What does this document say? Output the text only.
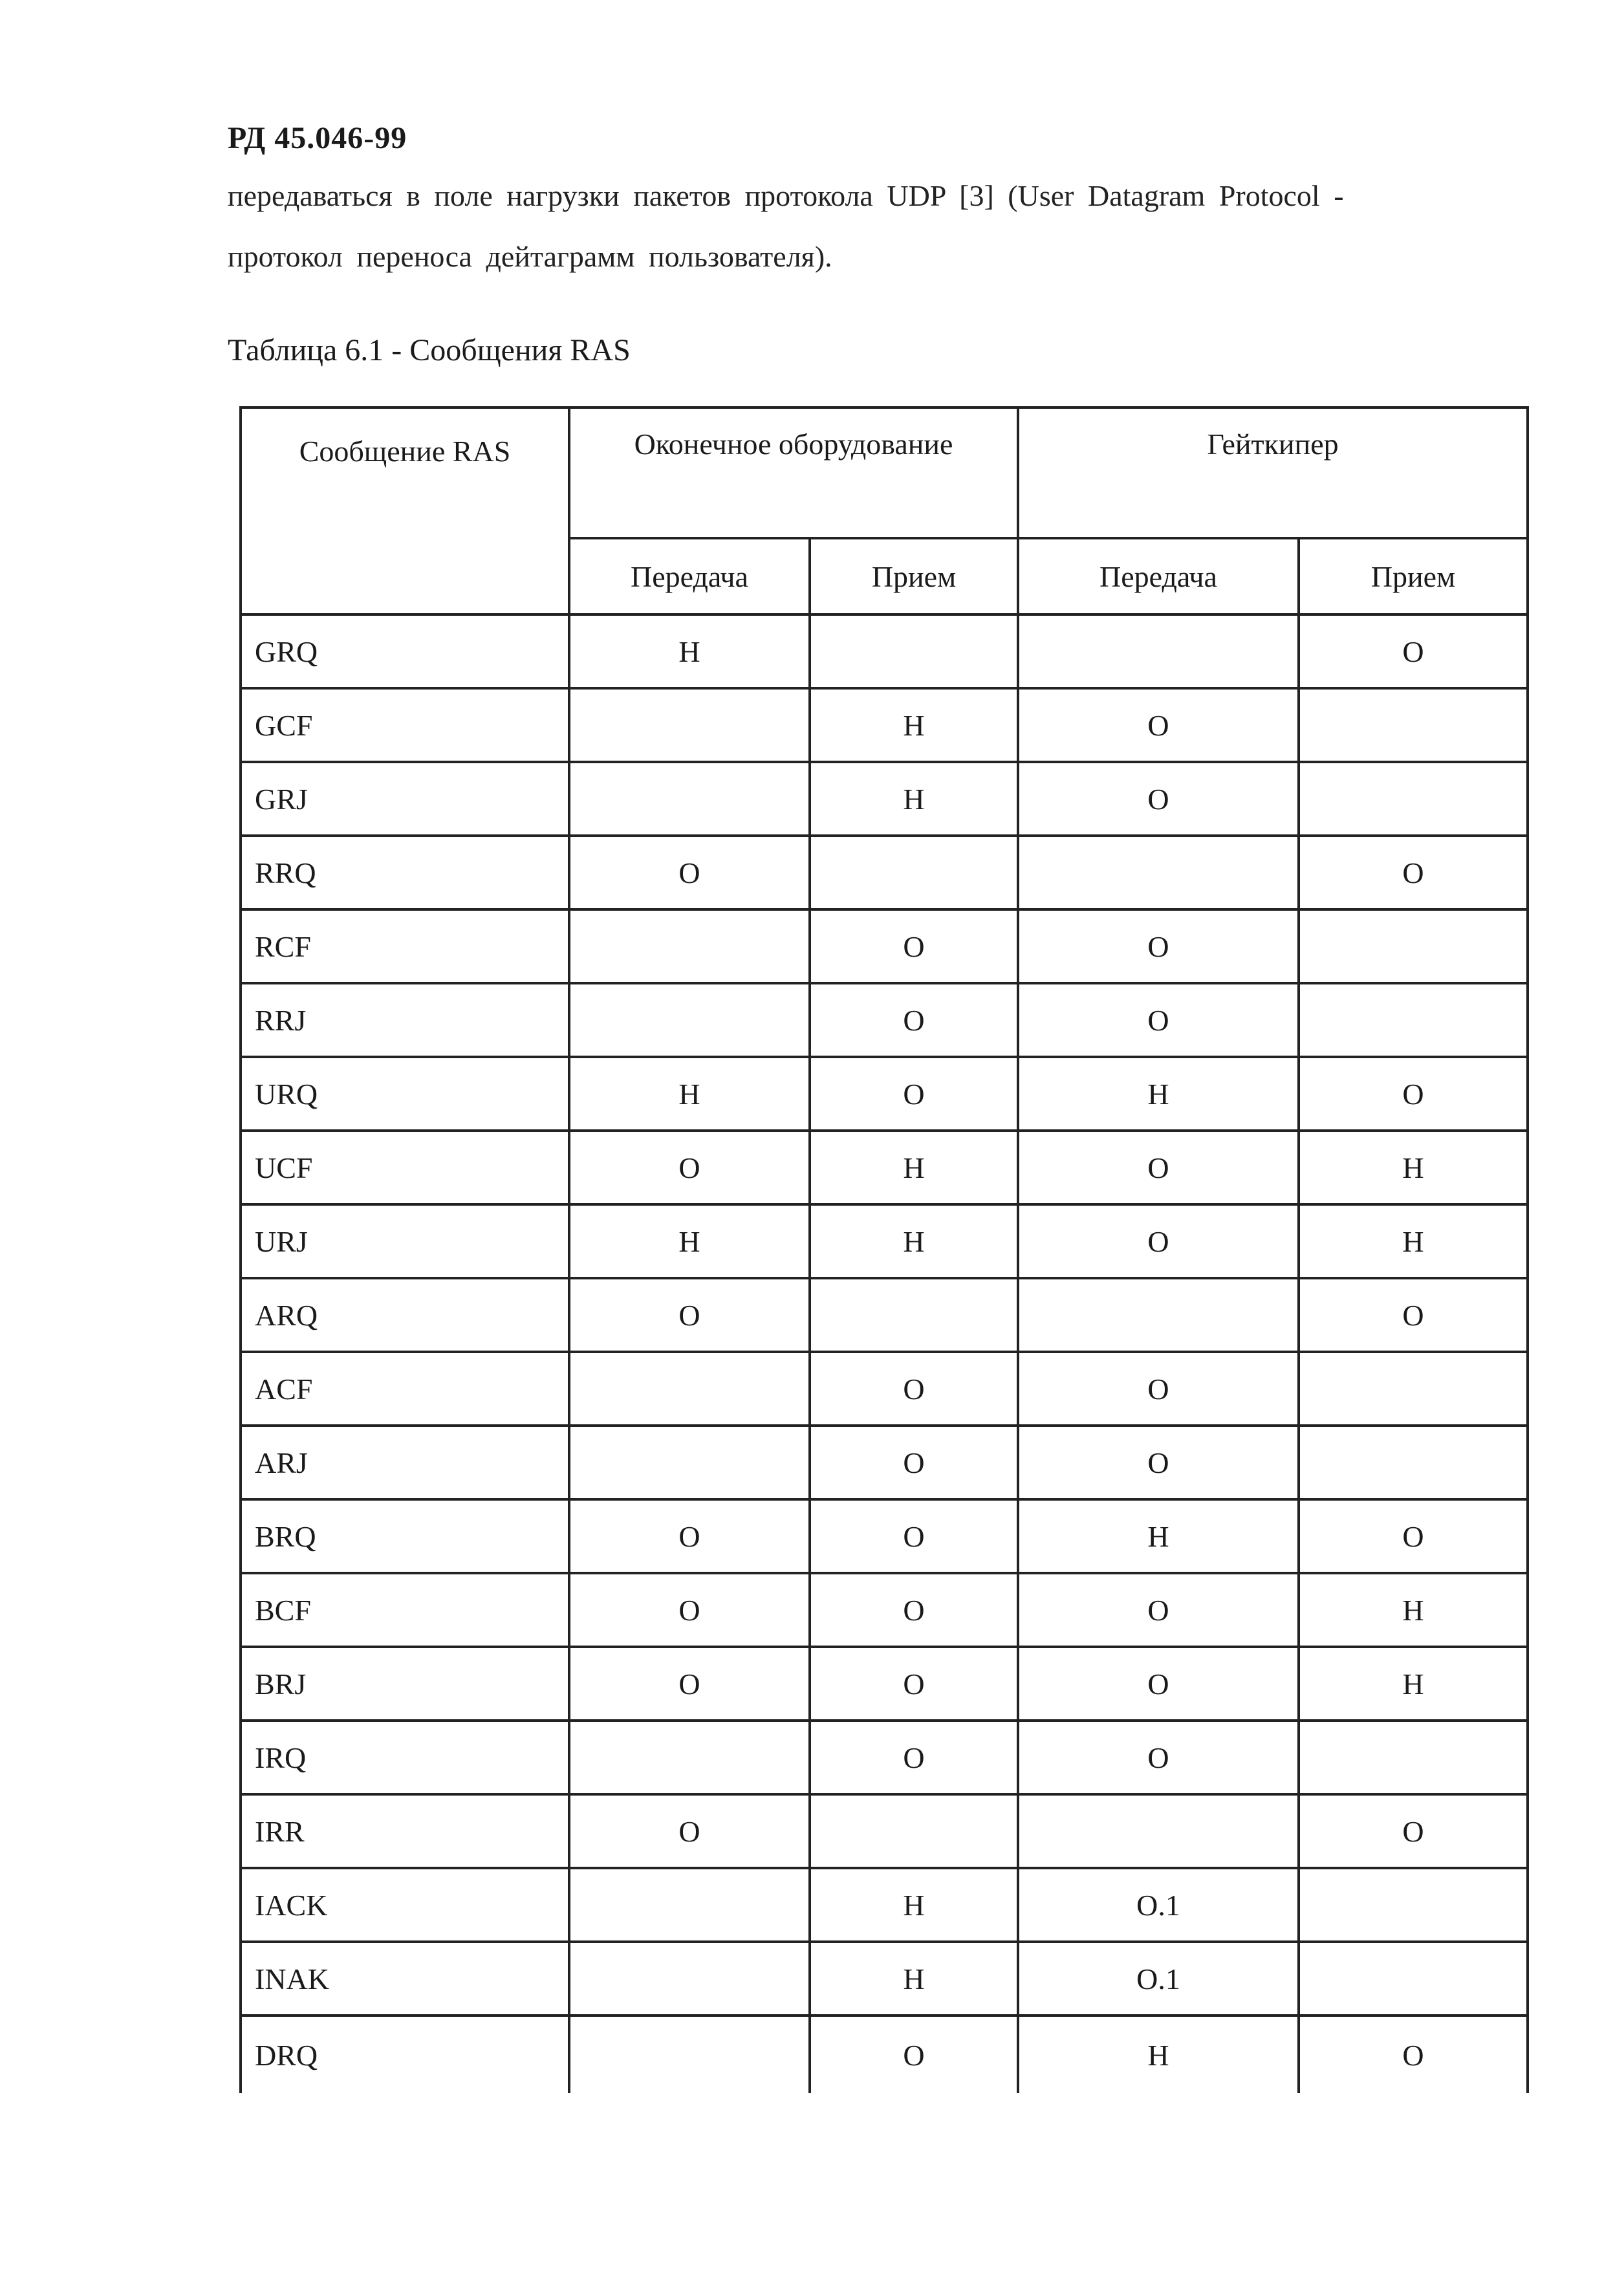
РД 45.046-99
передаваться в поле нагрузки пакетов протокола UDP [3] (User Datagram Protocol -
протокол переноса дейтаграмм пользователя).
Таблица 6.1 - Сообщения RAS
Сообщение RAS	Оконечное оборудование		Гейткипер	
	Передача	Прием	Передача	Прием
GRQ	Н			О
GCF		Н	О	
GRJ		Н	О	
RRQ	О			О
RCF		О	О	
RRJ		О	О	
URQ	Н	О	Н	О
UCF	О	Н	О	Н
URJ	Н	Н	О	Н
ARQ	О			О
ACF		О	О	
ARJ		О	О	
BRQ	О	О	Н	О
BCF	О	О	О	Н
BRJ	О	О	О	Н
IRQ		О	О	
IRR	О			О
IACK		Н	O.1	
INAK		Н	O.1	
DRQ		О	Н	О
